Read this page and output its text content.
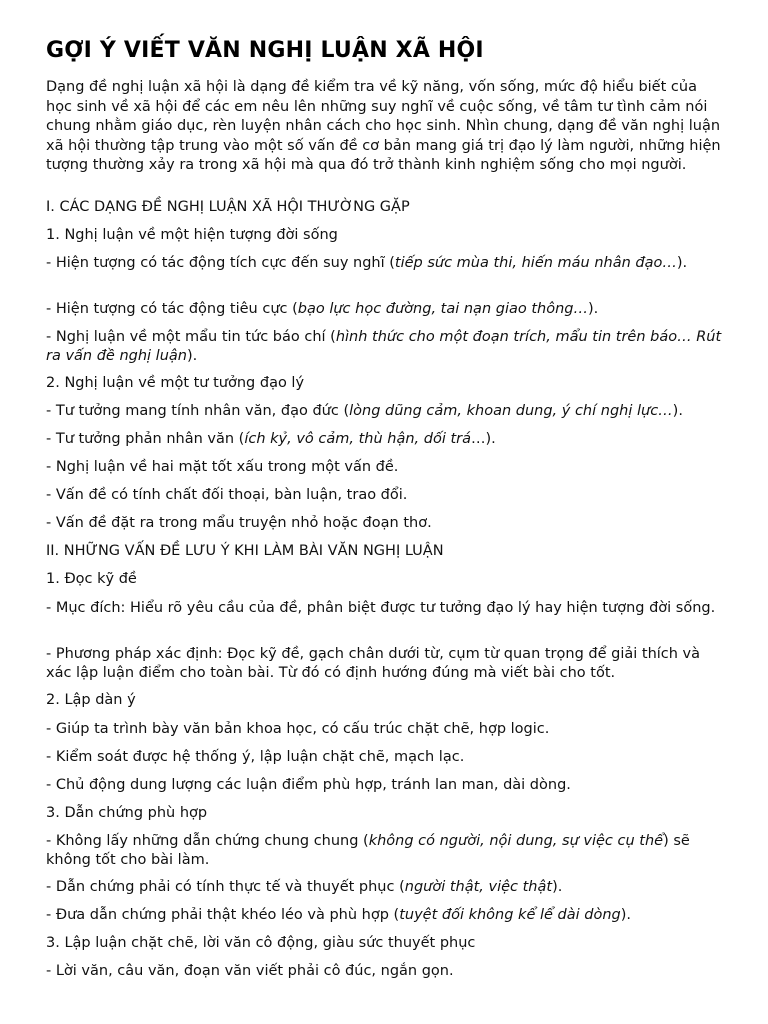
GỢI Ý VIẾT VĂN NGHỊ LUẬN XÃ HỘI

Dạng đề nghị luận xã hội là dạng đề kiểm tra về kỹ năng, vốn sống, mức độ hiểu biết của học sinh về xã hội để các em nêu lên những suy nghĩ về cuộc sống, về tâm tư tình cảm nói chung nhằm giáo dục, rèn luyện nhân cách cho học sinh. Nhìn chung, dạng đề văn nghị luận xã hội thường tập trung vào một số vấn đề cơ bản mang giá trị đạo lý làm người, những hiện tượng thường xảy ra trong xã hội mà qua đó trở thành kinh nghiệm sống cho mọi người.

I. CÁC DẠNG ĐỀ NGHỊ LUẬN XÃ HỘI THƯỜNG GẶP

1. Nghị luận về một hiện tượng đời sống

- Hiện tượng có tác động tích cực đến suy nghĩ (tiếp sức mùa thi, hiến máu nhân đạo…).

- Hiện tượng có tác động tiêu cực (bạo lực học đường, tai nạn giao thông…).

- Nghị luận về một mẩu tin tức báo chí (hình thức cho một đoạn trích, mẩu tin trên báo… Rút ra vấn đề nghị luận).

2. Nghị luận về một tư tưởng đạo lý

- Tư tưởng mang tính nhân văn, đạo đức (lòng dũng cảm, khoan dung, ý chí nghị lực…).

- Tư tưởng phản nhân văn (ích kỷ, vô cảm, thù hận, dối trá…).

- Nghị luận về hai mặt tốt xấu trong một vấn đề.

- Vấn đề có tính chất đối thoại, bàn luận, trao đổi.

- Vấn đề đặt ra trong mẩu truyện nhỏ hoặc đoạn thơ.

II. NHỮNG VẤN ĐỀ LƯU Ý KHI LÀM BÀI VĂN NGHỊ LUẬN

1. Đọc kỹ đề

- Mục đích: Hiểu rõ yêu cầu của đề, phân biệt được tư tưởng đạo lý hay hiện tượng đời sống.

- Phương pháp xác định: Đọc kỹ đề, gạch chân dưới từ, cụm từ quan trọng để giải thích và xác lập luận điểm cho toàn bài. Từ đó có định hướng đúng mà viết bài cho tốt.

2. Lập dàn ý

- Giúp ta trình bày văn bản khoa học, có cấu trúc chặt chẽ, hợp logic.

- Kiểm soát được hệ thống ý, lập luận chặt chẽ, mạch lạc.

- Chủ động dung lượng các luận điểm phù hợp, tránh lan man, dài dòng.

3. Dẫn chứng phù hợp

- Không lấy những dẫn chứng chung chung (không có người, nội dung, sự việc cụ thể) sẽ không tốt cho bài làm.

- Dẫn chứng phải có tính thực tế và thuyết phục (người thật, việc thật).

- Đưa dẫn chứng phải thật khéo léo và phù hợp (tuyệt đối không kể lể dài dòng).

3. Lập luận chặt chẽ, lời văn cô động, giàu sức thuyết phục

- Lời văn, câu văn, đoạn văn viết phải cô đúc, ngắn gọn.
